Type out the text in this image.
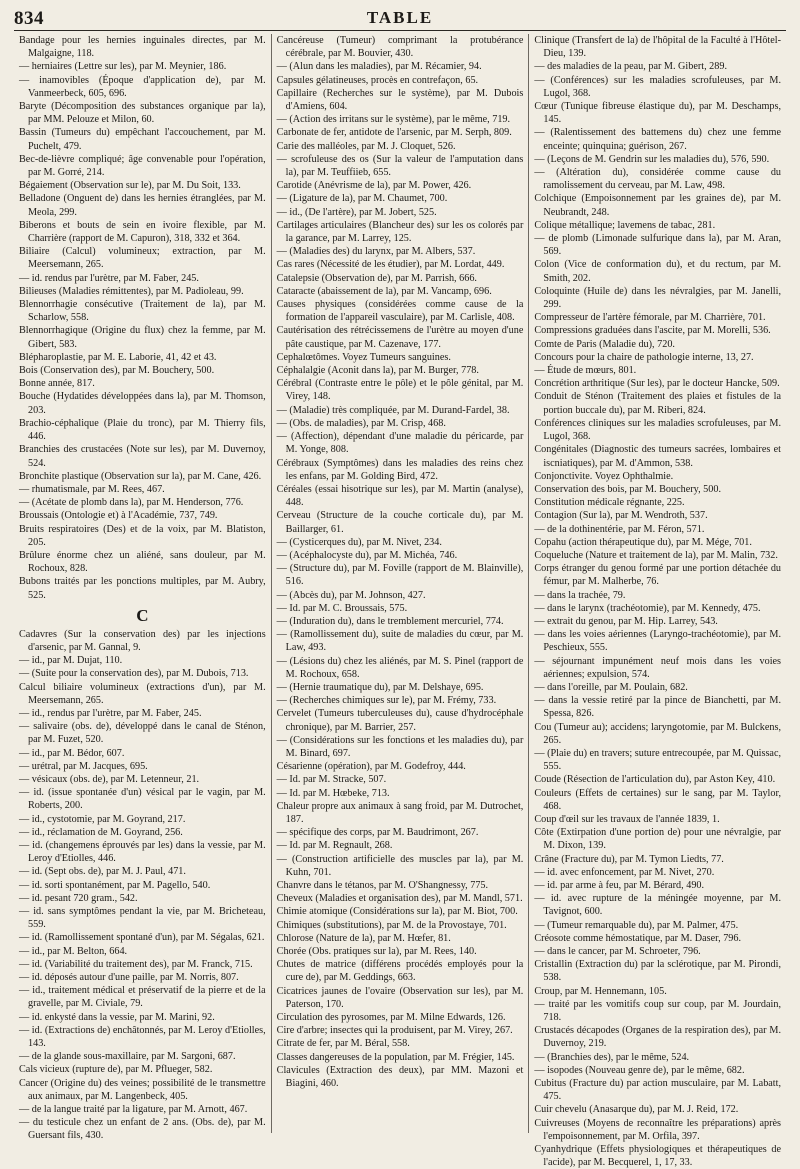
834	TABLE

Bandage pour les hernies inguinales directes, par M. Malgaigne, 118.

— herniaires (Lettre sur les), par M. Meynier, 186.

— inamovibles (Époque d'application de), par M. Vanmeerbeck, 605, 696.

Baryte (Décomposition des substances organique par la), par MM. Pelouze et Milon, 60.

Bassin (Tumeurs du) empêchant l'accouchement, par M. Puchelt, 479.

Bec-de-lièvre compliqué; âge convenable pour l'opération, par M. Gorré, 214.

Bégaiement (Observation sur le), par M. Du Soit, 133.

Belladone (Onguent de) dans les hernies étranglées, par M. Meola, 299.

Biberons et bouts de sein en ivoire flexible, par M. Charrière (rapport de M. Capuron), 318, 332 et 364.

Biliaire (Calcul) volumineux; extraction, par M. Meersemann, 265.

— id. rendus par l'urètre, par M. Faber, 245.

Bilieuses (Maladies rémittentes), par M. Padioleau, 99.

Blennorrhagie consécutive (Traitement de la), par M. Scharlow, 558.

Blennorrhagique (Origine du flux) chez la femme, par M. Gibert, 583.

Blépharoplastie, par M. E. Laborie, 41, 42 et 43.

Bois (Conservation des), par M. Bouchery, 500.

Bonne année, 817.

Bouche (Hydatides développées dans la), par M. Thomson, 203.

Brachio-céphalique (Plaie du tronc), par M. Thierry fils, 446.

Branchies des crustacées (Note sur les), par M. Duvernoy, 524.

Bronchite plastique (Observation sur la), par M. Cane, 426.

— rhumatismale, par M. Rees, 467.

— (Acétate de plomb dans la), par M. Henderson, 776.

Broussais (Ontologie et) à l'Académie, 737, 749.

Bruits respiratoires (Des) et de la voix, par M. Blatiston, 205.

Brûlure énorme chez un aliéné, sans douleur, par M. Rochoux, 828.

Bubons traités par les ponctions multiples, par M. Aubry, 525.

C

Cadavres (Sur la conservation des) par les injections d'arsenic, par M. Gannal, 9.

— id., par M. Dujat, 110.

— (Suite pour la conservation des), par M. Dubois, 713.

Calcul biliaire volumineux (extractions d'un), par M. Meersemann, 265.

— id., rendus par l'urètre, par M. Faber, 245.

— salivaire (obs. de), développé dans le canal de Sténon, par M. Fuzet, 520.

— id., par M. Bédor, 607.

— urétral, par M. Jacques, 695.

— vésicaux (obs. de), par M. Letenneur, 21.

— id. (issue spontanée d'un) vésical par le vagin, par M. Roberts, 200.

— id., cystotomie, par M. Goyrand, 217.

— id., réclamation de M. Goyrand, 256.

— id. (changemens éprouvés par les) dans la vessie, par M. Leroy d'Etiolles, 446.

— id. (Sept obs. de), par M. J. Paul, 471.

— id. sorti spontanément, par M. Pagello, 540.

— id. pesant 720 gram., 542.

— id. sans symptômes pendant la vie, par M. Bricheteau, 559.

— id. (Ramollissement spontané d'un), par M. Ségalas, 621.

— id., par M. Belton, 664.

— id. (Variabilité du traitement des), par M. Franck, 715.

— id. déposés autour d'une paille, par M. Norris, 807.

— id., traitement médical et préservatif de la pierre et de la gravelle, par M. Civiale, 79.

— id. enkysté dans la vessie, par M. Marini, 92.

— id. (Extractions de) enchâtonnés, par M. Leroy d'Etiolles, 143.

— de la glande sous-maxillaire, par M. Sargoni, 687.

Cals vicieux (rupture de), par M. Pflueger, 582.

Cancer (Origine du) des veines; possibilité de le transmettre aux animaux, par M. Langenbeck, 405.

— de la langue traité par la ligature, par M. Arnott, 467.

— du testicule chez un enfant de 2 ans. (Obs. de), par M. Guersant fils, 430.

Cancéreuse (Tumeur) comprimant la protubérance cérébrale, par M. Bouvier, 430.

— (Alun dans les maladies), par M. Récamier, 94.

Capsules gélatineuses, procès en contrefaçon, 65.

Capillaire (Recherches sur le système), par M. Dubois d'Amiens, 604.

— (Action des irritans sur le système), par le même, 719.

Carbonate de fer, antidote de l'arsenic, par M. Serph, 809.

Carie des malléoles, par M. J. Cloquet, 526.

— scrofuleuse des os (Sur la valeur de l'amputation dans la), par M. Teuffiieb, 655.

Carotide (Anévrisme de la), par M. Power, 426.

— (Ligature de la), par M. Chaumet, 700.

— id., (De l'artère), par M. Jobert, 525.

Cartilages articulaires (Blancheur des) sur les os colorés par la garance, par M. Larrey, 125.

— (Maladies des) du larynx, par M. Albers, 537.

Cas rares (Nécessité de les étudier), par M. Lordat, 449.

Catalepsie (Observation de), par M. Parrish, 666.

Cataracte (abaissement de la), par M. Vancamp, 696.

Causes physiques (considérées comme cause de la formation de l'appareil vasculaire), par M. Carlisle, 408.

Cautérisation des rétrécissemens de l'urètre au moyen d'une pâte caustique, par M. Cazenave, 177.

Cephalœtômes. Voyez Tumeurs sanguines.

Céphalalgie (Aconit dans la), par M. Burger, 778.

Cérébral (Contraste entre le pôle) et le pôle génital, par M. Virey, 148.

— (Maladie) très compliquée, par M. Durand-Fardel, 38.

— (Obs. de maladies), par M. Crisp, 468.

— (Affection), dépendant d'une maladie du péricarde, par M. Yonge, 808.

Cérébraux (Symptômes) dans les maladies des reins chez les enfans, par M. Golding Bird, 472.

Céréales (essai hisotrique sur les), par M. Martin (analyse), 448.

Cerveau (Structure de la couche corticale du), par M. Baillarger, 61.

— (Cysticerques du), par M. Nivet, 234.

— (Acéphalocyste du), par M. Michéa, 746.

— (Structure du), par M. Foville (rapport de M. Blainville), 516.

— (Abcès du), par M. Johnson, 427.

— Id. par M. C. Broussais, 575.

— (Induration du), dans le tremblement mercuriel, 774.

— (Ramollissement du), suite de maladies du cœur, par M. Law, 493.

— (Lésions du) chez les aliénés, par M. S. Pinel (rapport de M. Rochoux, 658.

— (Hernie traumatique du), par M. Delshaye, 695.

— (Recherches chimiques sur le), par M. Frémy, 733.

Cervelet (Tumeurs tuberculeuses du), cause d'hydrocéphale chronique), par M. Barrier, 257.

— (Considérations sur les fonctions et les maladies du), par M. Binard, 697.

Césarienne (opération), par M. Godefroy, 444.

— Id. par M. Stracke, 507.

— Id. par M. Hœbeke, 713.

Chaleur propre aux animaux à sang froid, par M. Dutrochet, 187.

— spécifique des corps, par M. Baudrimont, 267.

— Id. par M. Regnault, 268.

— (Construction artificielle des muscles par la), par M. Kuhn, 701.

Chanvre dans le tétanos, par M. O'Shangnessy, 775.

Cheveux (Maladies et organisation des), par M. Mandl, 571.

Chimie atomique (Considérations sur la), par M. Biot, 700.

Chimiques (substitutions), par M. de la Provostaye, 701.

Chlorose (Nature de la), par M. Hœfer, 81.

Chorée (Obs. pratiques sur la), par M. Rees, 140.

Chutes de matrice (différens procédés employés pour la cure de), par M. Geddings, 663.

Cicatrices jaunes de l'ovaire (Observation sur les), par M. Paterson, 170.

Circulation des pyrosomes, par M. Milne Edwards, 126.

Cire d'arbre; insectes qui la produisent, par M. Virey, 267.

Citrate de fer, par M. Béral, 558.

Classes dangereuses de la population, par M. Frégier, 145.

Clavicules (Extraction des deux), par MM. Mazoni et Biagini, 460.

Clinique (Transfert de la) de l'hôpital de la Faculté à l'Hôtel-Dieu, 139.

— des maladies de la peau, par M. Gibert, 289.

— (Conférences) sur les maladies scrofuleuses, par M. Lugol, 368.

Cœur (Tunique fibreuse élastique du), par M. Deschamps, 145.

— (Ralentissement des battemens du) chez une femme enceinte; quinquina; guérison, 267.

— (Leçons de M. Gendrin sur les maladies du), 576, 590.

— (Altération du), considérée comme cause du ramolissement du cerveau, par M. Law, 498.

Colchique (Empoisonnement par les graines de), par M. Neubrandt, 248.

Colique métallique; lavemens de tabac, 281.

— de plomb (Limonade sulfurique dans la), par M. Aran, 569.

Colon (Vice de conformation du), et du rectum, par M. Smith, 202.

Coloquinte (Huile de) dans les névralgies, par M. Janelli, 299.

Compresseur de l'artère fémorale, par M. Charrière, 701.

Compressions graduées dans l'ascite, par M. Morelli, 536.

Comte de Paris (Maladie du), 720.

Concours pour la chaire de pathologie interne, 13, 27.

— Étude de mœurs, 801.

Concrétion arthritique (Sur les), par le docteur Hancke, 509.

Conduit de Sténon (Traitement des plaies et fistules de la portion buccale du), par M. Riberi, 824.

Conférences cliniques sur les maladies scrofuleuses, par M. Lugol, 368.

Congénitales (Diagnostic des tumeurs sacrées, lombaires et iscniatiques), par M. d'Ammon, 538.

Conjonctivite. Voyez Ophthalmie.

Conservation des bois, par M. Bouchery, 500.

Constitution médicale régnante, 225.

Contagion (Sur la), par M. Wendroth, 537.

— de la dothinentérie, par M. Féron, 571.

Copahu (action thérapeutique du), par M. Mége, 701.

Coqueluche (Nature et traitement de la), par M. Malin, 732.

Corps étranger du genou formé par une portion détachée du fémur, par M. Malherbe, 76.

— dans la trachée, 79.

— dans le larynx (trachéotomie), par M. Kennedy, 475.

— extrait du genou, par M. Hip. Larrey, 543.

— dans les voies aériennes (Laryngo-trachéotomie), par M. Peschieux, 555.

— séjournant impunément neuf mois dans les voies aériennes; expulsion, 574.

— dans l'oreille, par M. Poulain, 682.

— dans la vessie retiré par la pince de Bianchetti, par M. Spessa, 826.

Cou (Tumeur au); accidens; laryngotomie, par M. Bulckens, 265.

— (Plaie du) en travers; suture entrecoupée, par M. Quissac, 555.

Coude (Résection de l'articulation du), par Aston Key, 410.

Couleurs (Effets de certaines) sur le sang, par M. Taylor, 468.

Coup d'œil sur les travaux de l'année 1839, 1.

Côte (Extirpation d'une portion de) pour une névralgie, par M. Dixon, 139.

Crâne (Fracture du), par M. Tymon Liedts, 77.

— id. avec enfoncement, par M. Nivet, 270.

— id. par arme à feu, par M. Bérard, 490.

— id. avec rupture de la méningée moyenne, par M. Tavignot, 600.

— (Tumeur remarquable du), par M. Palmer, 475.

Créosote comme hémostatique, par M. Daser, 796.

— dans le cancer, par M. Schroeter, 796.

Cristallin (Extraction du) par la sclérotique, par M. Pirondi, 538.

Croup, par M. Hennemann, 105.

— traité par les vomitifs coup sur coup, par M. Jourdain, 718.

Crustacés décapodes (Organes de la respiration des), par M. Duvernoy, 219.

— (Branchies des), par le même, 524.

— isopodes (Nouveau genre de), par le même, 682.

Cubitus (Fracture du) par action musculaire, par M. Labatt, 475.

Cuir chevelu (Anasarque du), par M. J. Reid, 172.

Cuivreuses (Moyens de reconnaître les préparations) après l'empoisonnement, par M. Orfila, 397.

Cyanhydrique (Effets physiologiques et thérapeutiques de l'acide), par M. Becquerel, 1, 17, 33.
